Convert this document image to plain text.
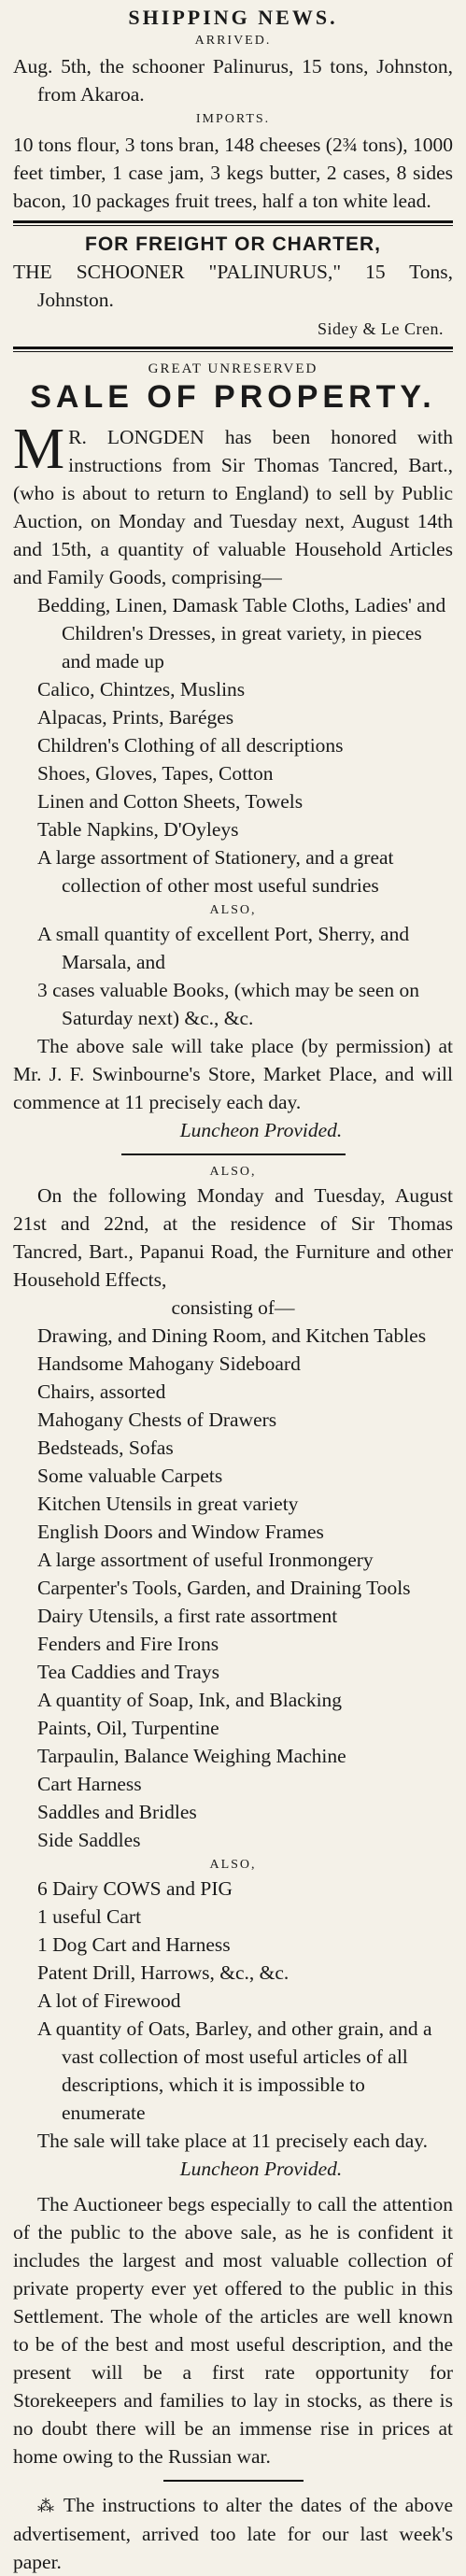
SHIPPING NEWS.
ARRIVED.

Aug. 5th, the schooner Palinurus, 15 tons, Johnston, from Akaroa.

IMPORTS.

10 tons flour, 3 tons bran, 148 cheeses (2¾ tons), 1000 feet timber, 1 case jam, 3 kegs butter, 2 cases, 8 sides bacon, 10 packages fruit trees, half a ton white lead.

FOR FREIGHT OR CHARTER,

THE SCHOONER "PALINURUS," 15 Tons, Johnston.

Sidey & Le Cren.
GREAT UNRESERVED
SALE OF PROPERTY.

M R. LONGDEN has been honored with instructions from Sir Thomas Tancred, Bart., (who is about to return to England) to sell by Public Auction, on Monday and Tuesday next, August 14th and 15th, a quantity of valuable Household Articles and Family Goods, comprising—

Bedding, Linen, Damask Table Cloths, Ladies' and Children's Dresses, in great variety, in pieces and made up

Calico, Chintzes, Muslins

Alpacas, Prints, Baréges

Children's Clothing of all descriptions

Shoes, Gloves, Tapes, Cotton

Linen and Cotton Sheets, Towels

Table Napkins, D'Oyleys

A large assortment of Stationery, and a great collection of other most useful sundries

ALSO,

A small quantity of excellent Port, Sherry, and Marsala, and

3 cases valuable Books, (which may be seen on Saturday next) &c., &c.

The above sale will take place (by permission) at Mr. J. F. Swinbourne's Store, Market Place, and will commence at 11 precisely each day.

Luncheon Provided.

ALSO,

On the following Monday and Tuesday, August 21st and 22nd, at the residence of Sir Thomas Tancred, Bart., Papanui Road, the Furniture and other Household Effects,

consisting of—

Drawing, and Dining Room, and Kitchen Tables

Handsome Mahogany Sideboard

Chairs, assorted

Mahogany Chests of Drawers

Bedsteads, Sofas

Some valuable Carpets

Kitchen Utensils in great variety

English Doors and Window Frames

A large assortment of useful Ironmongery

Carpenter's Tools, Garden, and Draining Tools

Dairy Utensils, a first rate assortment

Fenders and Fire Irons

Tea Caddies and Trays

A quantity of Soap, Ink, and Blacking

Paints, Oil, Turpentine

Tarpaulin, Balance Weighing Machine

Cart Harness

Saddles and Bridles

Side Saddles

ALSO,

6 Dairy COWS and PIG

1 useful Cart

1 Dog Cart and Harness

Patent Drill, Harrows, &c., &c.

A lot of Firewood

A quantity of Oats, Barley, and other grain, and a vast collection of most useful articles of all descriptions, which it is impossible to enumerate

The sale will take place at 11 precisely each day.

Luncheon Provided.

The Auctioneer begs especially to call the attention of the public to the above sale, as he is confident it includes the largest and most valuable collection of private property ever yet offered to the public in this Settlement. The whole of the articles are well known to be of the best and most useful description, and the present will be a first rate opportunity for Storekeepers and families to lay in stocks, as there is no doubt there will be an immense rise in prices at home owing to the Russian war.

⁂ The instructions to alter the dates of the above advertisement, arrived too late for our last week's paper.
